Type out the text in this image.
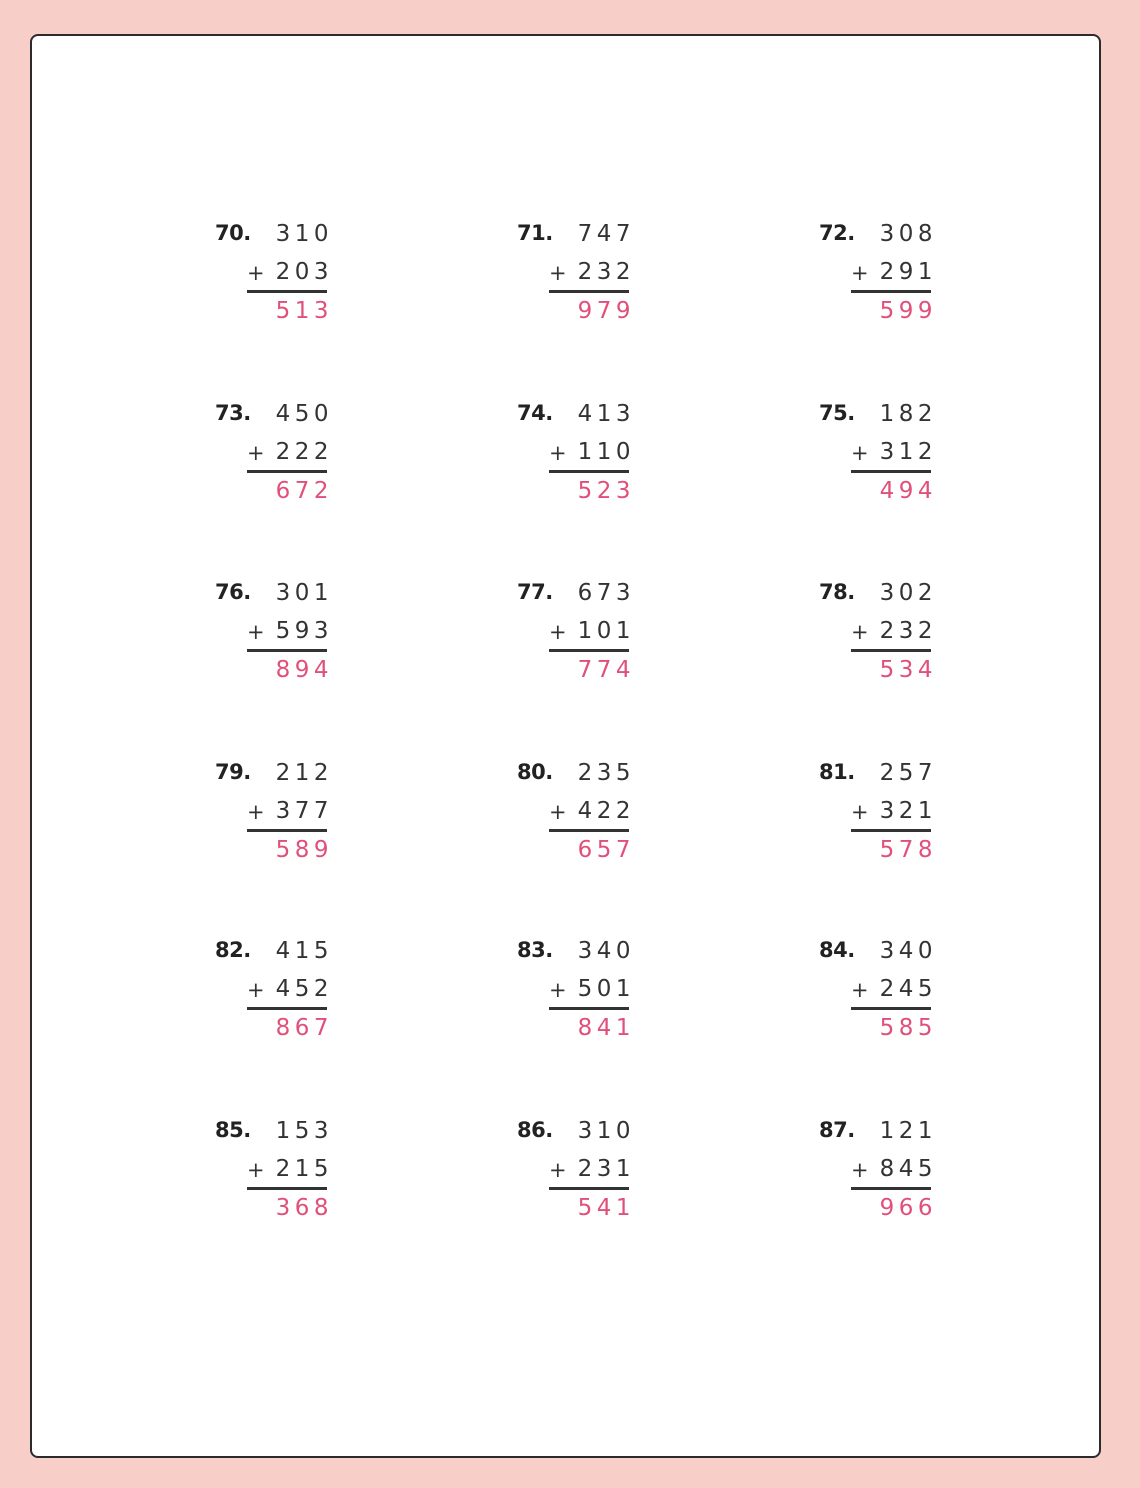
70. 310
+ 203
513
71. 747
+ 232
979
72. 308
+ 291
599
73. 450
+ 222
672
74. 413
+ 110
523
75. 182
+ 312
494
76. 301
+ 593
894
77. 673
+ 101
774
78. 302
+ 232
534
79. 212
+ 377
589
80. 235
+ 422
657
81. 257
+ 321
578
82. 415
+ 452
867
83. 340
+ 501
841
84. 340
+ 245
585
85. 153
+ 215
368
86. 310
+ 231
541
87. 121
+ 845
966
